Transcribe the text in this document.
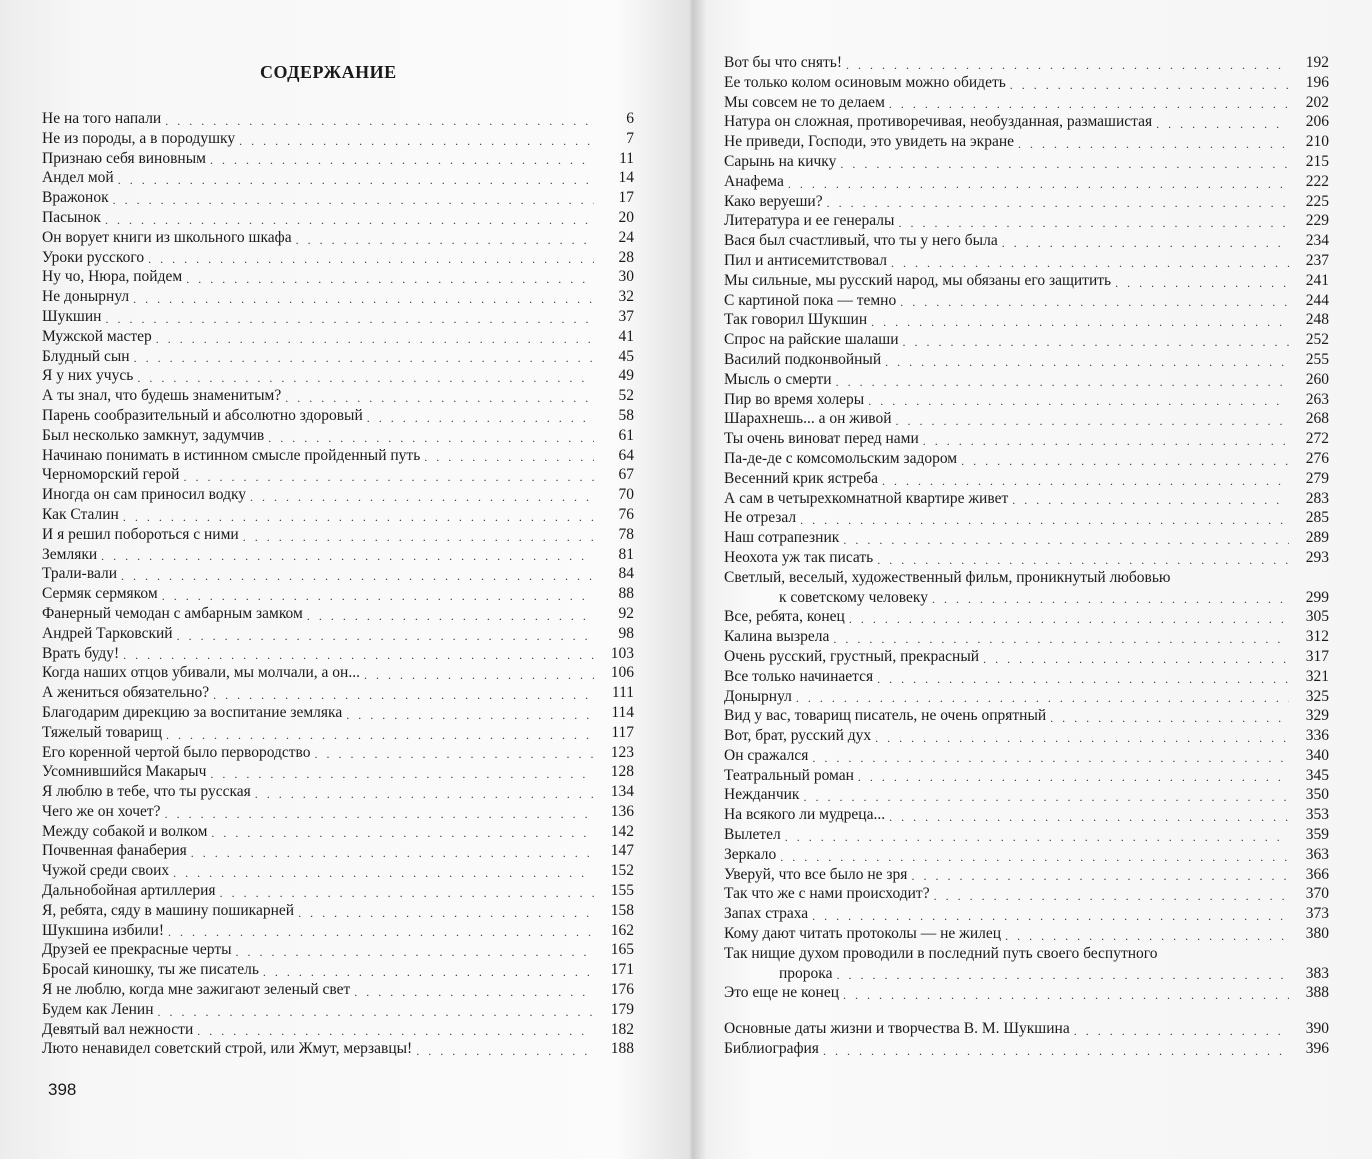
СОДЕРЖАНИЕ
Не на того напали . . .	6
Не из породы, а в породушку . . .	7
Признаю себя виновным . . .	11
Андел мой . . .	14
Вражонок . . .	17
Пасынок . . .	20
Он ворует книги из школьного шкафа . . .	24
Уроки русского . . .	28
Ну чо, Нюра, пойдем . . .	30
Не донырнул . . .	32
Шукшин . . .	37
Мужской мастер . . .	41
Блудный сын . . .	45
Я у них учусь . . .	49
А ты знал, что будешь знаменитым? . . .	52
Парень сообразительный и абсолютно здоровый . . .	58
Был несколько замкнут, задумчив . . .	61
Начинаю понимать в истинном смысле пройденный путь . . .	64
Черноморский герой . . .	67
Иногда он сам приносил водку . . .	70
Как Сталин . . .	76
И я решил побороться с ними . . .	78
Земляки . . .	81
Трали-вали . . .	84
Сермяк сермяком . . .	88
Фанерный чемодан с амбарным замком . . .	92
Андрей Тарковский . . .	98
Врать буду! . . .	103
Когда наших отцов убивали, мы молчали, а он... . . .	106
А жениться обязательно? . . .	111
Благодарим дирекцию за воспитание земляка . . .	114
Тяжелый товарищ . . .	117
Его коренной чертой было первородство . . .	123
Усомнившийся Макарыч . . .	128
Я люблю в тебе, что ты русская . . .	134
Чего же он хочет? . . .	136
Между собакой и волком . . .	142
Почвенная фанаберия . . .	147
Чужой среди своих . . .	152
Дальнобойная артиллерия . . .	155
Я, ребята, сяду в машину пошикарней . . .	158
Шукшина избили! . . .	162
Друзей ее прекрасные черты . . .	165
Бросай киношку, ты же писатель . . .	171
Я не люблю, когда мне зажигают зеленый свет . . .	176
Будем как Ленин . . .	179
Девятый вал нежности . . .	182
Люто ненавидел советский строй, или Жмут, мерзавцы! . . .	188
398
Вот бы что снять! . . .	192
Ее только колом осиновым можно обидеть . . .	196
Мы совсем не то делаем . . .	202
Натура он сложная, противоречивая, необузданная, размашистая . . .	206
Не приведи, Господи, это увидеть на экране . . .	210
Сарынь на кичку . . .	215
Анафема . . .	222
Како веруеши? . . .	225
Литература и ее генералы . . .	229
Вася был счастливый, что ты у него была . . .	234
Пил и антисемитствовал . . .	237
Мы сильные, мы русский народ, мы обязаны его защитить . . .	241
С картиной пока — темно . . .	244
Так говорил Шукшин . . .	248
Спрос на райские шалаши . . .	252
Василий подконвойный . . .	255
Мысль о смерти . . .	260
Пир во время холеры . . .	263
Шарахнешь... а он живой . . .	268
Ты очень виноват перед нами . . .	272
Па-де-де с комсомольским задором . . .	276
Весенний крик ястреба . . .	279
А сам в четырехкомнатной квартире живет . . .	283
Не отрезал . . .	285
Наш сотрапезник . . .	289
Неохота уж так писать . . .	293
Светлый, веселый, художественный фильм, проникнутый любовью
к советскому человеку . . .	299
Все, ребята, конец . . .	305
Калина вызрела . . .	312
Очень русский, грустный, прекрасный . . .	317
Все только начинается . . .	321
Донырнул . . .	325
Вид у вас, товарищ писатель, не очень опрятный . . .	329
Вот, брат, русский дух . . .	336
Он сражался . . .	340
Театральный роман . . .	345
Нежданчик . . .	350
На всякого ли мудреца... . . .	353
Вылетел . . .	359
Зеркало . . .	363
Уверуй, что все было не зря . . .	366
Так что же с нами происходит? . . .	370
Запах страха . . .	373
Кому дают читать протоколы — не жилец . . .	380
Так нищие духом проводили в последний путь своего беспутного
пророка . . .	383
Это еще не конец . . .	388
Основные даты жизни и творчества В. М. Шукшина . . .	390
Библиография . . .	396
